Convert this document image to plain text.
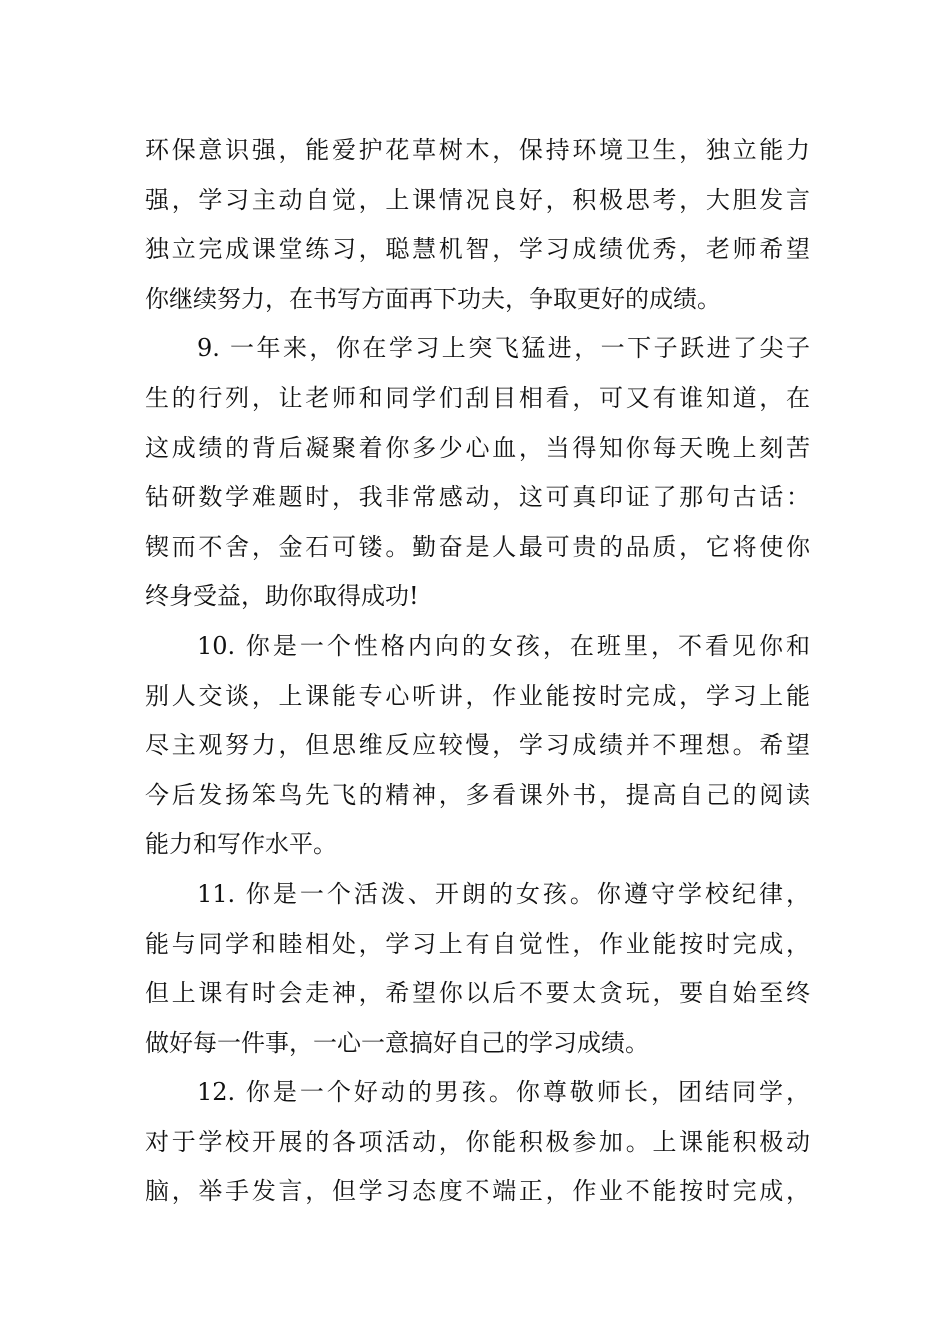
环保意识强，能爱护花草树木，保持环境卫生，独立能力
强，学习主动自觉，上课情况良好，积极思考，大胆发言
独立完成课堂练习，聪慧机智，学习成绩优秀，老师希望
你继续努力，在书写方面再下功夫，争取更好的成绩。
9. 一年来，你在学习上突飞猛进，一下子跃进了尖子
生的行列，让老师和同学们刮目相看，可又有谁知道，在
这成绩的背后凝聚着你多少心血，当得知你每天晚上刻苦
钻研数学难题时，我非常感动，这可真印证了那句古话：
锲而不舍，金石可镂。勤奋是人最可贵的品质，它将使你
终身受益，助你取得成功!
10. 你是一个性格内向的女孩，在班里，不看见你和
别人交谈，上课能专心听讲，作业能按时完成，学习上能
尽主观努力，但思维反应较慢，学习成绩并不理想。希望
今后发扬笨鸟先飞的精神，多看课外书，提高自己的阅读
能力和写作水平。
11. 你是一个活泼、开朗的女孩。你遵守学校纪律，
能与同学和睦相处，学习上有自觉性，作业能按时完成，
但上课有时会走神，希望你以后不要太贪玩，要自始至终
做好每一件事，一心一意搞好自己的学习成绩。
12. 你是一个好动的男孩。你尊敬师长，团结同学，
对于学校开展的各项活动，你能积极参加。上课能积极动
脑，举手发言，但学习态度不端正，作业不能按时完成，
